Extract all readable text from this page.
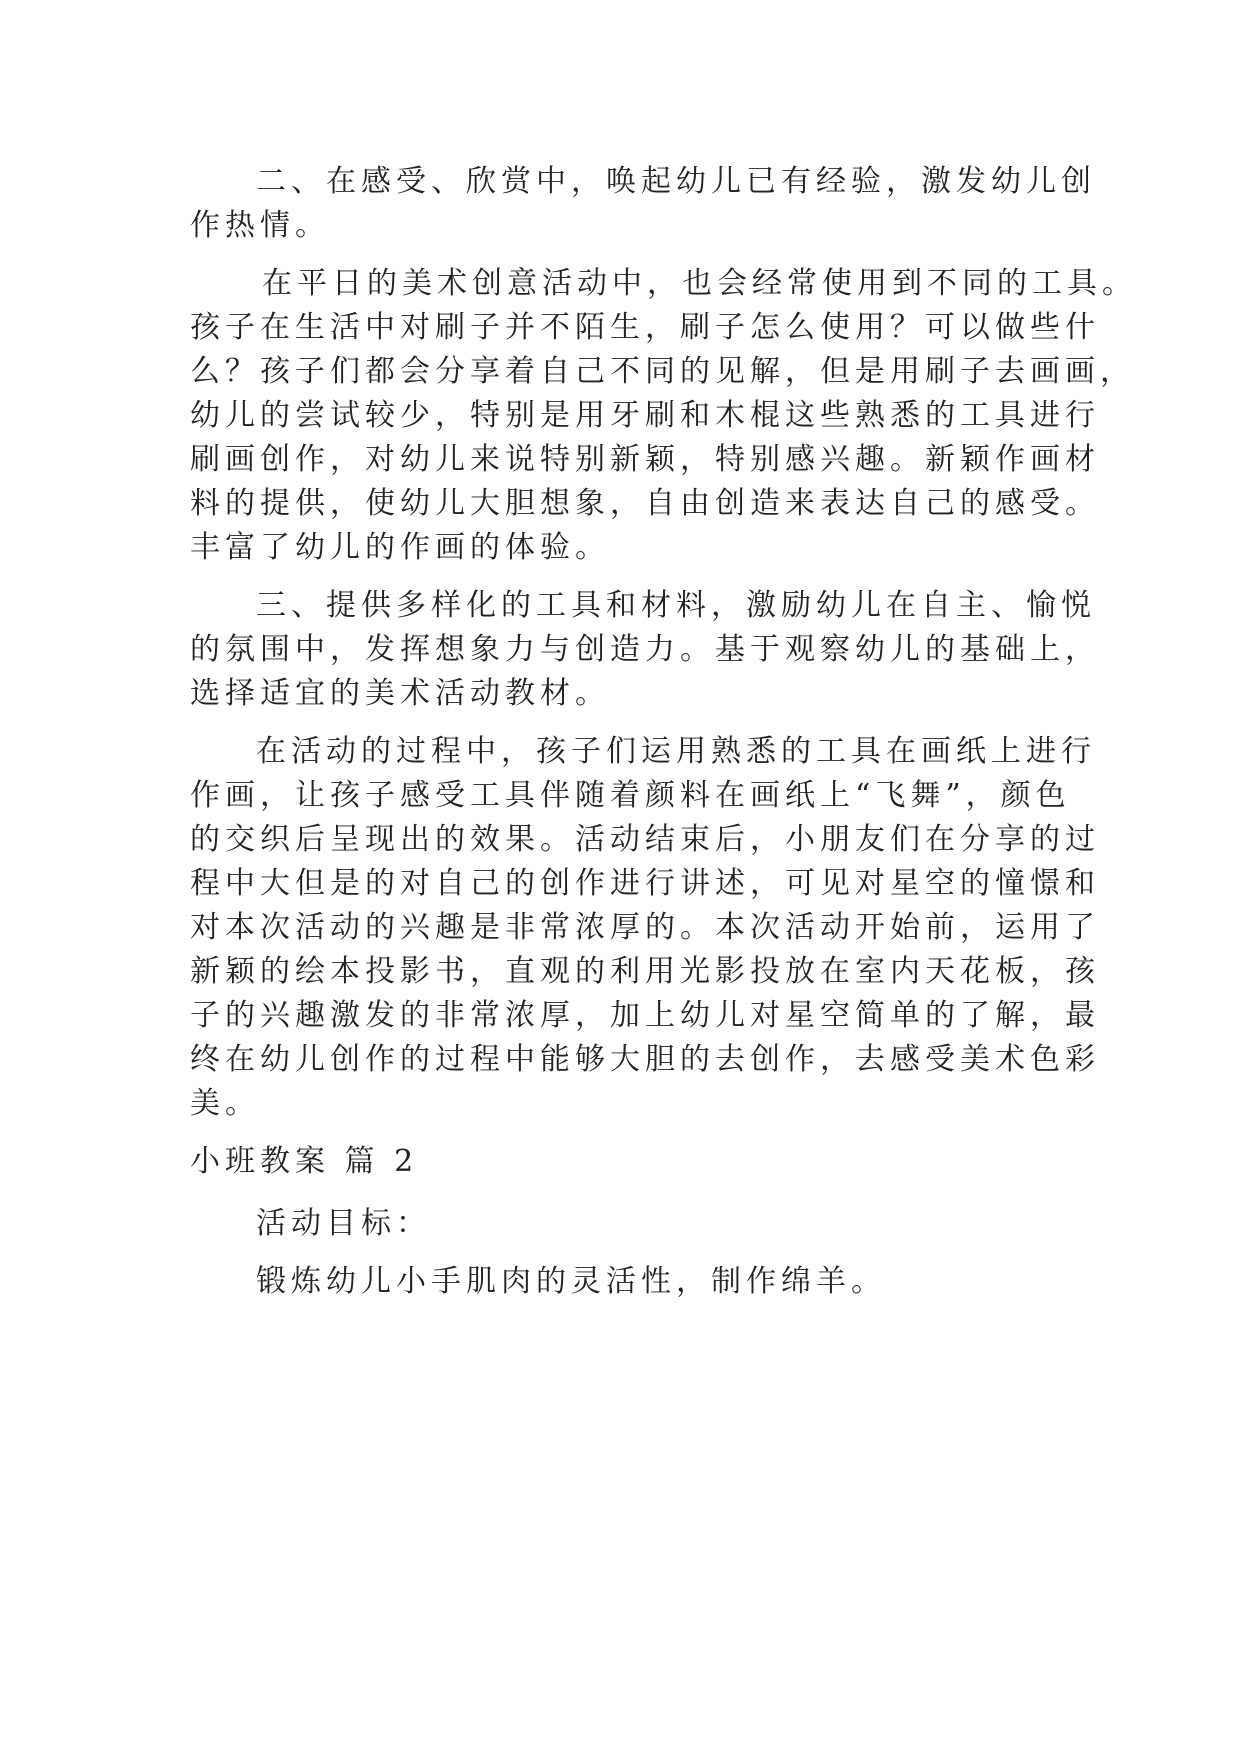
二、在感受、欣赏中，唤起幼儿已有经验，激发幼儿创
作热情。
在平日的美术创意活动中，也会经常使用到不同的工具。
孩子在生活中对刷子并不陌生，刷子怎么使用？可以做些什
么？孩子们都会分享着自己不同的见解，但是用刷子去画画，
幼儿的尝试较少，特别是用牙刷和木棍这些熟悉的工具进行
刷画创作，对幼儿来说特别新颖，特别感兴趣。新颖作画材
料的提供，使幼儿大胆想象，自由创造来表达自己的感受。
丰富了幼儿的作画的体验。
三、提供多样化的工具和材料，激励幼儿在自主、愉悦
的氛围中，发挥想象力与创造力。基于观察幼儿的基础上，
选择适宜的美术活动教材。
在活动的过程中，孩子们运用熟悉的工具在画纸上进行
作画，让孩子感受工具伴随着颜料在画纸上“飞舞”，颜色
的交织后呈现出的效果。活动结束后，小朋友们在分享的过
程中大但是的对自己的创作进行讲述，可见对星空的憧憬和
对本次活动的兴趣是非常浓厚的。本次活动开始前，运用了
新颖的绘本投影书，直观的利用光影投放在室内天花板，孩
子的兴趣激发的非常浓厚，加上幼儿对星空简单的了解，最
终在幼儿创作的过程中能够大胆的去创作，去感受美术色彩
美。
小班教案 篇 2
活动目标：
锻炼幼儿小手肌肉的灵活性，制作绵羊。
